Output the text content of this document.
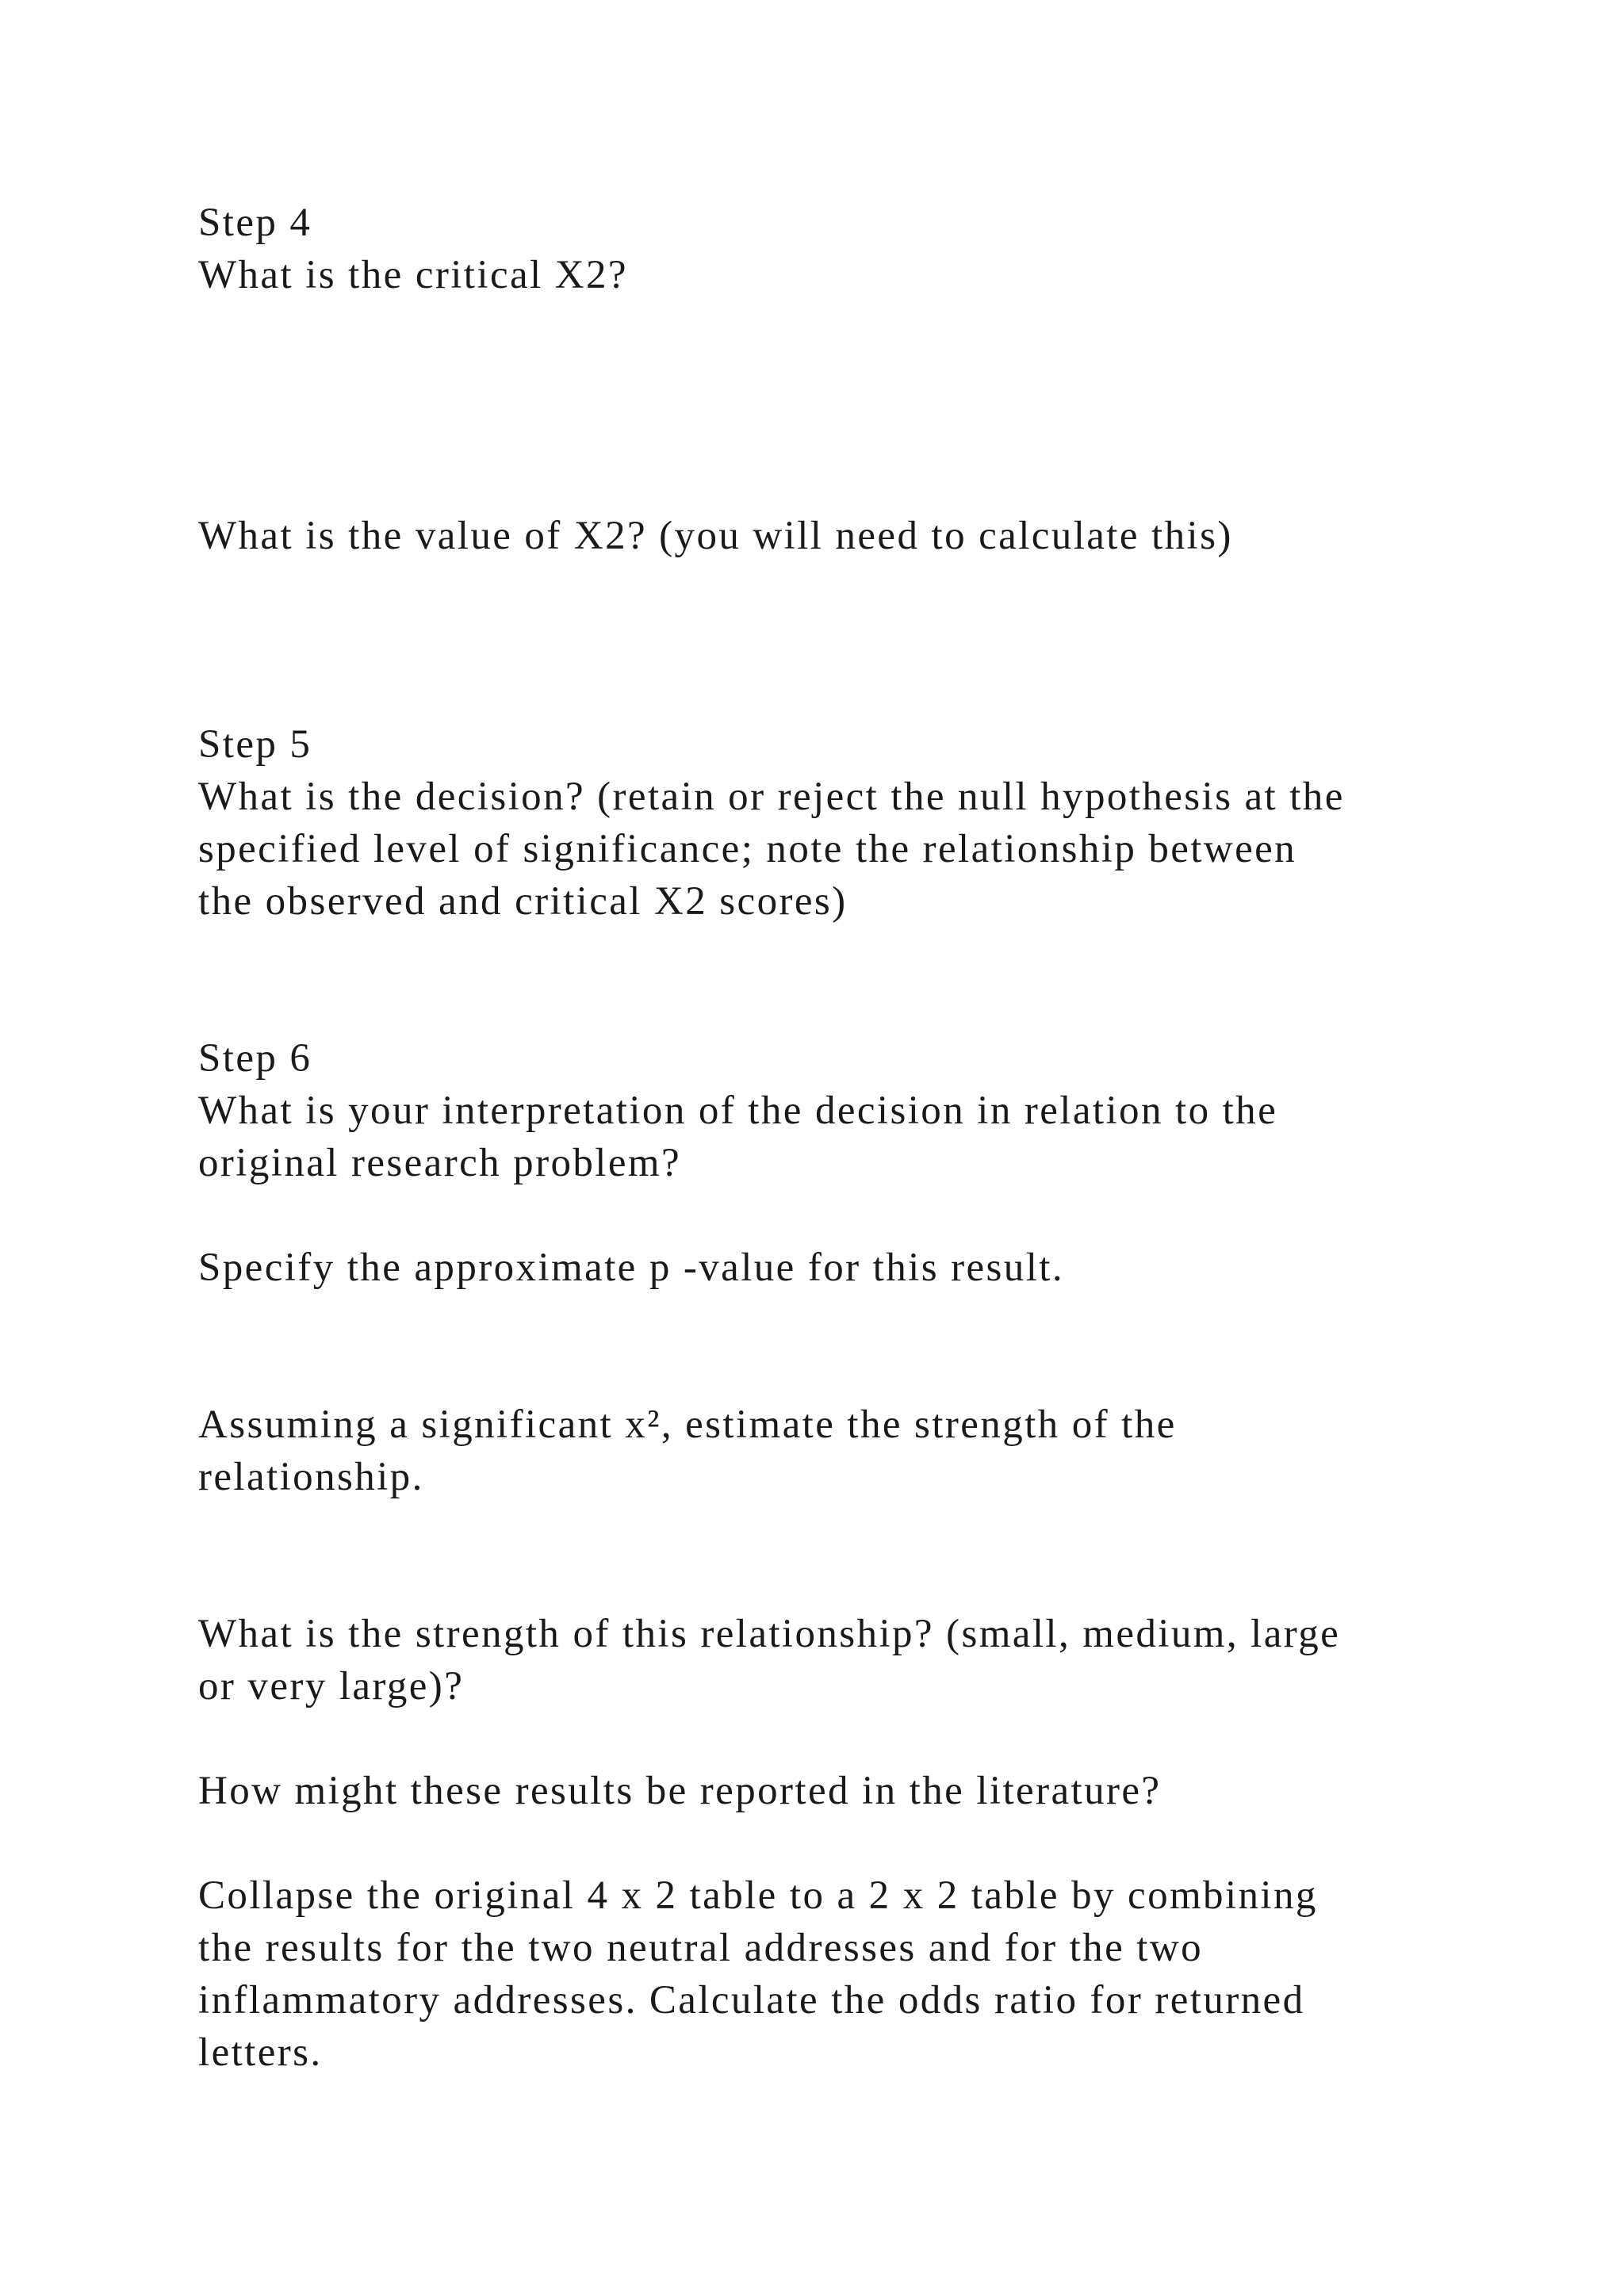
Step 4

What is the critical X2?

What is the value of X2? (you will need to calculate this)

Step 5

What is the decision? (retain or reject the null hypothesis at the

specified level of significance; note the relationship between

the observed and critical X2 scores)

Step 6

What is your interpretation of the decision in relation to the

original research problem?

Specify the approximate p -value for this result.

Assuming a significant x², estimate the strength of the

relationship.

What is the strength of this relationship? (small, medium, large

or very large)?

How might these results be reported in the literature?

Collapse the original 4 x 2 table to a 2 x 2 table by combining

the results for the two neutral addresses and for the two

inflammatory addresses. Calculate the odds ratio for returned

letters.
